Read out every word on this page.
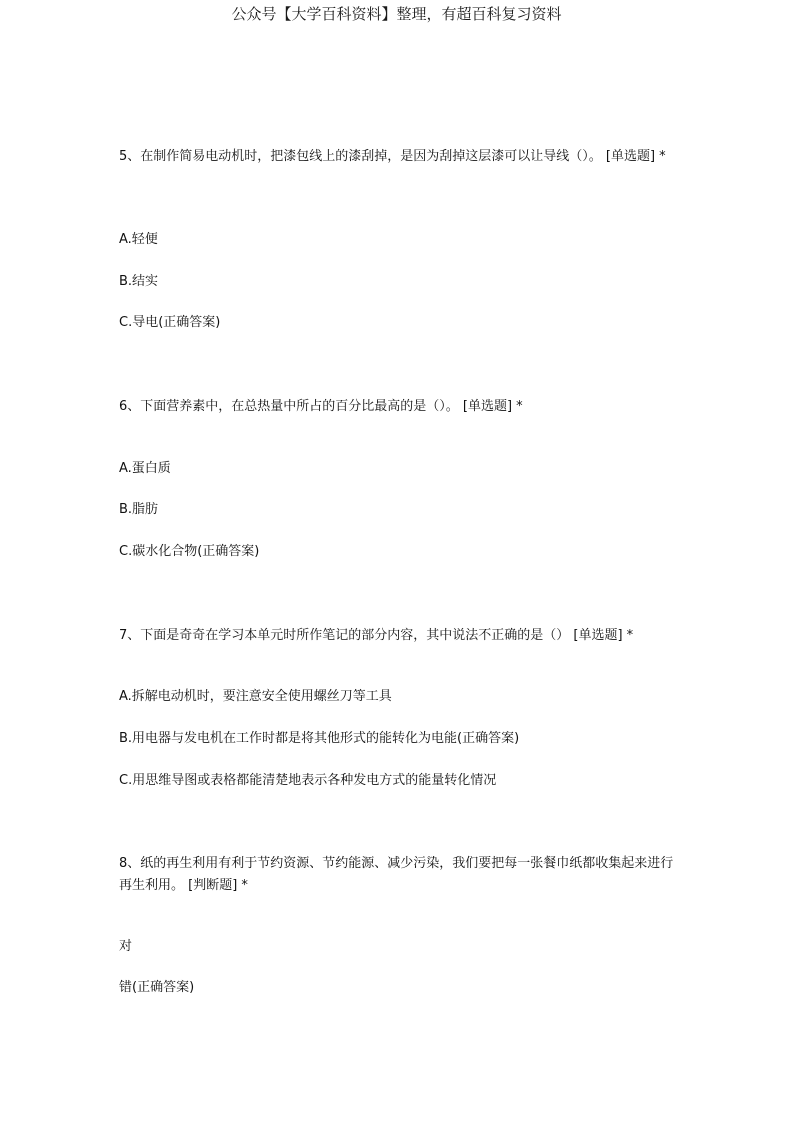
公众号【大学百科资料】整理，有超百科复习资料
5、在制作简易电动机时，把漆包线上的漆刮掉，是因为刮掉这层漆可以让导线（）。 [单选题] *
A.轻便
B.结实
C.导电(正确答案)
6、下面营养素中，在总热量中所占的百分比最高的是（）。 [单选题] *
A.蛋白质
B.脂肪
C.碳水化合物(正确答案)
7、下面是奇奇在学习本单元时所作笔记的部分内容，其中说法不正确的是（） [单选题] *
A.拆解电动机时，要注意安全使用螺丝刀等工具
B.用电器与发电机在工作时都是将其他形式的能转化为电能(正确答案)
C.用思维导图或表格都能清楚地表示各种发电方式的能量转化情况
8、纸的再生利用有利于节约资源、节约能源、减少污染，我们要把每一张餐巾纸都收集起来进行再生利用。 [判断题] *
对
错(正确答案)
